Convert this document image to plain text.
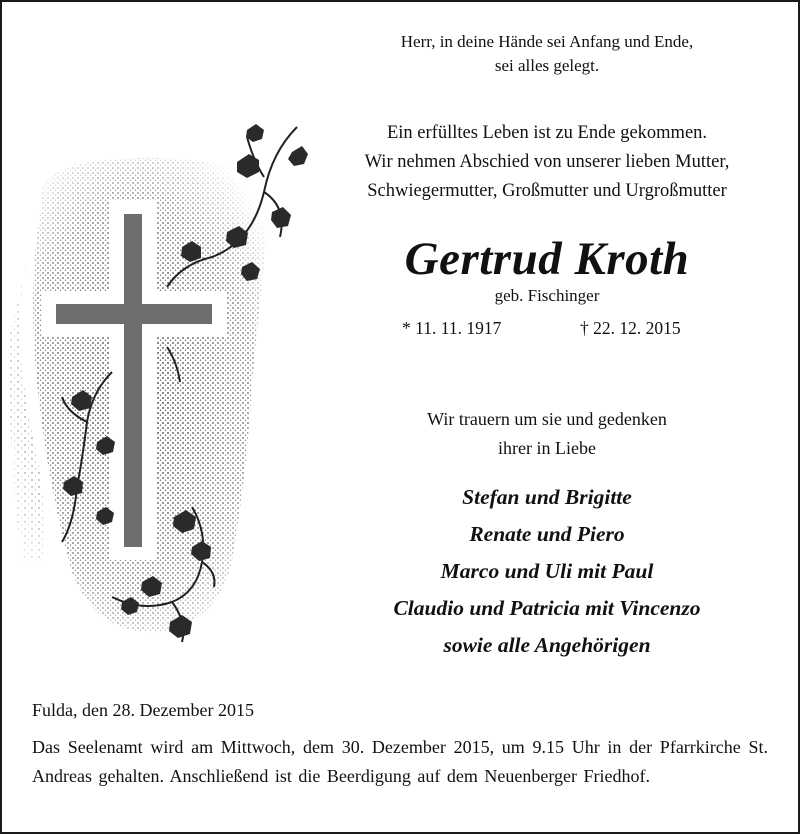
Herr, in deine Hände sei Anfang und Ende,
sei alles gelegt.
Ein erfülltes Leben ist zu Ende gekommen.
Wir nehmen Abschied von unserer lieben Mutter,
Schwiegermutter, Großmutter und Urgroßmutter
Gertrud Kroth
geb. Fischinger
* 11. 11. 1917	† 22. 12. 2015
Wir trauern um sie und gedenken
ihrer in Liebe
Stefan und Brigitte
Renate und Piero
Marco und Uli mit Paul
Claudio und Patricia mit Vincenzo
sowie alle Angehörigen
Fulda, den 28. Dezember 2015
Das Seelenamt wird am Mittwoch, dem 30. Dezember 2015, um 9.15 Uhr in der Pfarrkirche St. Andreas gehalten. Anschließend ist die Beerdigung auf dem Neuenberger Friedhof.
